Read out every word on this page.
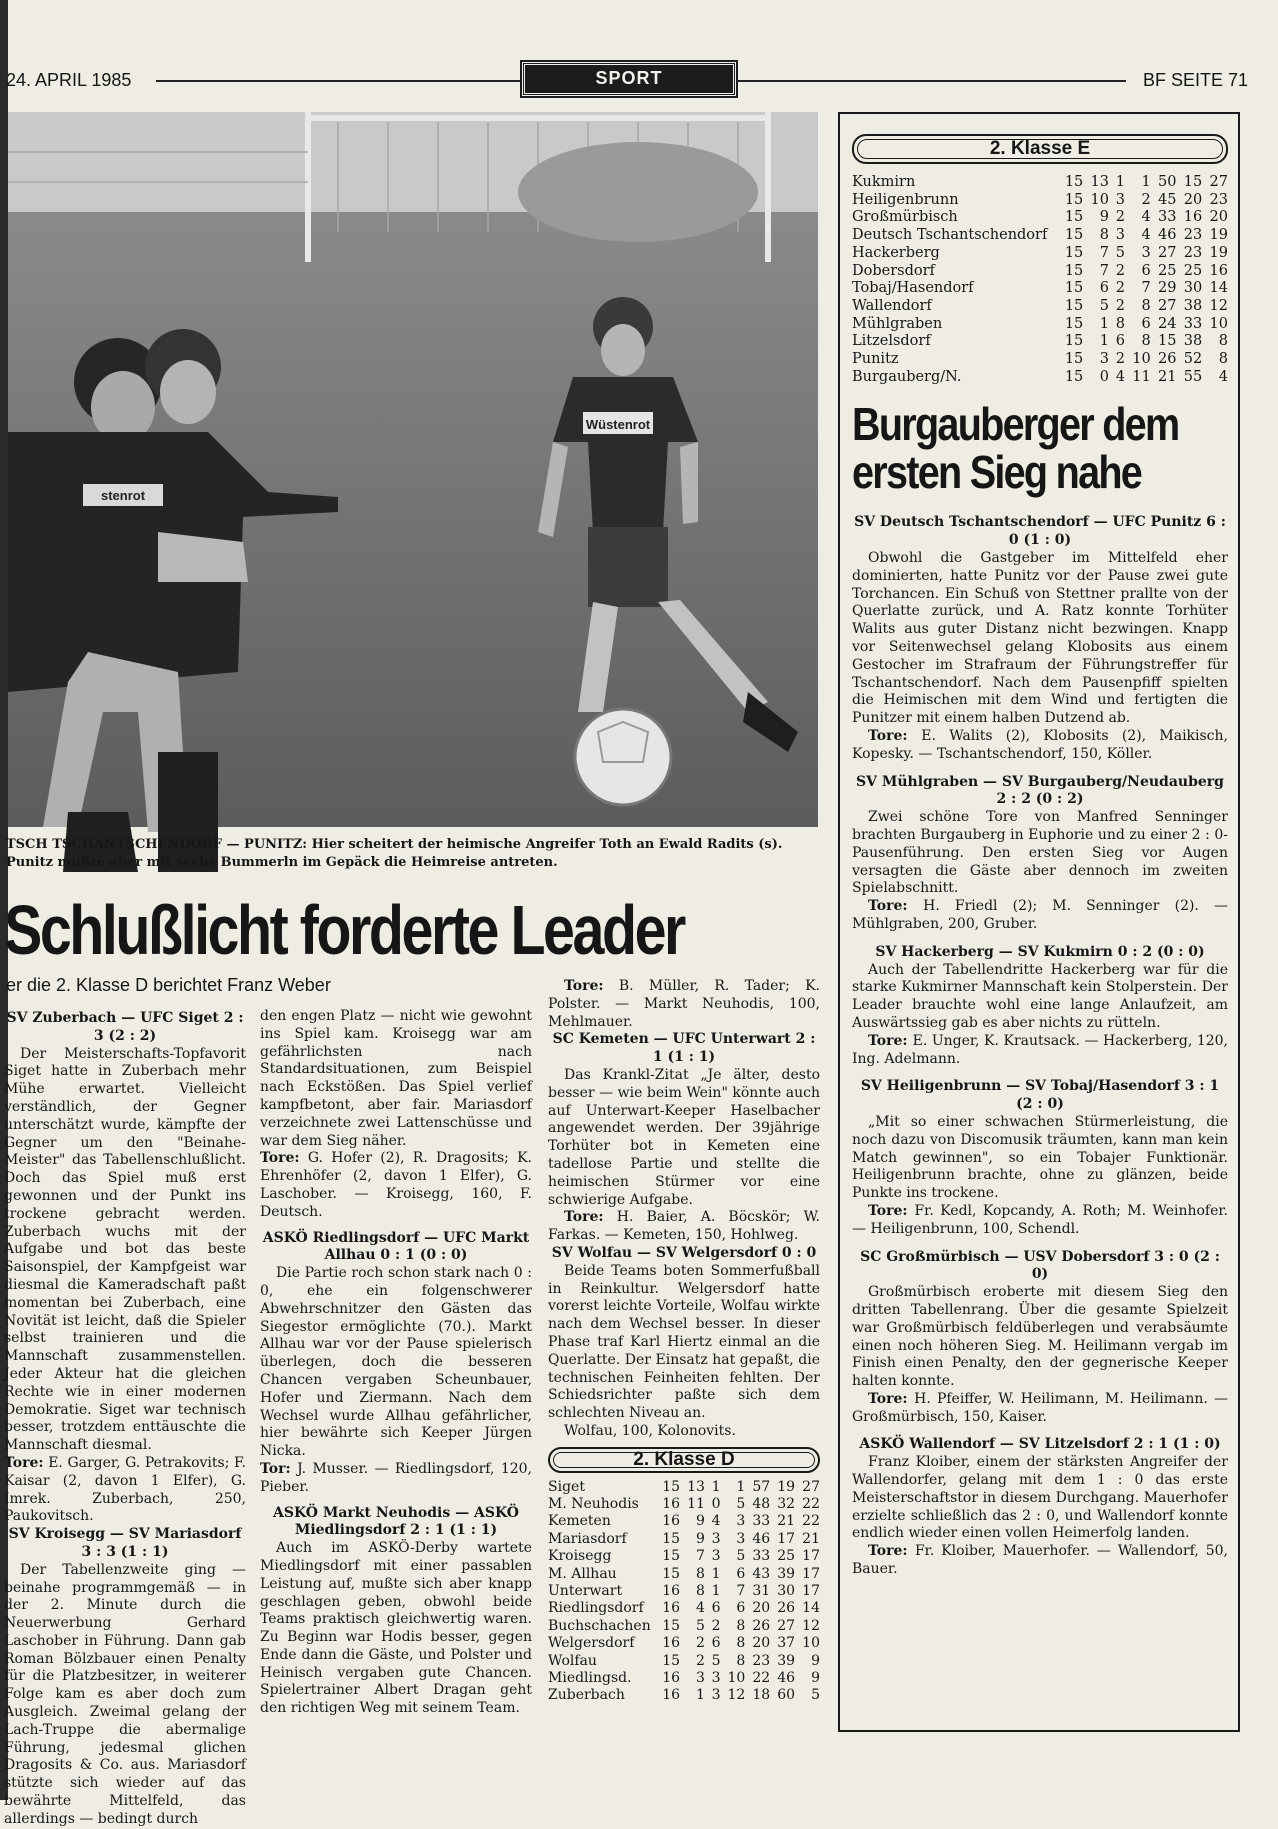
24. APRIL 1985	SPORT	BF SEITE 71
Wüstenrot
stenrot
TSCH TSCHANTSCHENDORF — PUNITZ: Hier scheitert der heimische Angreifer Toth an Ewald Radits (s). Punitz mußte aber mit sechs Bummerln im Gepäck die Heimreise antreten.
Schlußlicht forderte Leader
er die 2. Klasse D berichtet Franz Weber

SV Zuberbach — UFC Siget 2 : 3 (2 : 2)

Der Meisterschafts-Topfavorit Siget hatte in Zuberbach mehr Mühe erwartet. Vielleicht verständlich, der Gegner unterschätzt wurde, kämpfte der Gegner um den "Beinahe-Meister" das Tabellenschlußlicht. Doch das Spiel muß erst gewonnen und der Punkt ins trockene gebracht werden. Zuberbach wuchs mit der Aufgabe und bot das beste Saisonspiel, der Kampfgeist war diesmal die Kameradschaft paßt momentan bei Zuberbach, eine Novität ist leicht, daß die Spieler selbst trainieren und die Mannschaft zusammenstellen. Jeder Akteur hat die gleichen Rechte wie in einer modernen Demokratie. Siget war technisch besser, trotzdem enttäuschte die Mannschaft diesmal.

Tore: E. Garger, G. Petrakovits; F. Kaisar (2, davon 1 Elfer), G. Imrek. Zuberbach, 250, Paukovitsch.

SV Kroisegg — SV Mariasdorf 3 : 3 (1 : 1)

Der Tabellenzweite ging — beinahe programmgemäß — in der 2. Minute durch die Neuerwerbung Gerhard Laschober in Führung. Dann gab Roman Bölzbauer einen Penalty für die Platzbesitzer, in weiterer Folge kam es aber doch zum Ausgleich. Zweimal gelang der Lach-Truppe die abermalige Führung, jedesmal glichen Dragosits & Co. aus. Mariasdorf stützte sich wieder auf das bewährte Mittelfeld, das allerdings — bedingt durch

den engen Platz — nicht wie gewohnt ins Spiel kam. Kroisegg war am gefährlichsten nach Standardsituationen, zum Beispiel nach Eckstößen. Das Spiel verlief kampfbetont, aber fair. Mariasdorf verzeichnete zwei Lattenschüsse und war dem Sieg näher.

Tore: G. Hofer (2), R. Dragosits; K. Ehrenhöfer (2, davon 1 Elfer), G. Laschober. — Kroisegg, 160, F. Deutsch.

ASKÖ Riedlingsdorf — UFC Markt Allhau 0 : 1 (0 : 0)

Die Partie roch schon stark nach 0 : 0, ehe ein folgenschwerer Abwehrschnitzer den Gästen das Siegestor ermöglichte (70.). Markt Allhau war vor der Pause spielerisch überlegen, doch die besseren Chancen vergaben Scheunbauer, Hofer und Ziermann. Nach dem Wechsel wurde Allhau gefährlicher, hier bewährte sich Keeper Jürgen Nicka.

Tor: J. Musser. — Riedlingsdorf, 120, Pieber.

ASKÖ Markt Neuhodis — ASKÖ Miedlingsdorf 2 : 1 (1 : 1)

Auch im ASKÖ-Derby wartete Miedlingsdorf mit einer passablen Leistung auf, mußte sich aber knapp geschlagen geben, obwohl beide Teams praktisch gleichwertig waren. Zu Beginn war Hodis besser, gegen Ende dann die Gäste, und Polster und Heinisch vergaben gute Chancen. Spielertrainer Albert Dragan geht den richtigen Weg mit seinem Team.

Tore: B. Müller, R. Tader; K. Polster. — Markt Neuhodis, 100, Mehlmauer.

SC Kemeten — UFC Unterwart 2 : 1 (1 : 1)

Das Krankl-Zitat „Je älter, desto besser — wie beim Wein" könnte auch auf Unterwart-Keeper Haselbacher angewendet werden. Der 39jährige Torhüter bot in Kemeten eine tadellose Partie und stellte die heimischen Stürmer vor eine schwierige Aufgabe.

Tore: H. Baier, A. Böcskör; W. Farkas. — Kemeten, 150, Hohlweg.

SV Wolfau — SV Welgersdorf 0 : 0

Beide Teams boten Sommerfußball in Reinkultur. Welgersdorf hatte vorerst leichte Vorteile, Wolfau wirkte nach dem Wechsel besser. In dieser Phase traf Karl Hiertz einmal an die Querlatte. Der Einsatz hat gepaßt, die technischen Feinheiten fehlten. Der Schiedsrichter paßte sich dem schlechten Niveau an.

Wolfau, 100, Kolonovits.

2. Klasse D
Siget	15	13	1	1	57	19	27
M. Neuhodis	16	11	0	5	48	32	22
Kemeten	16	9	4	3	33	21	22
Mariasdorf	15	9	3	3	46	17	21
Kroisegg	15	7	3	5	33	25	17
M. Allhau	15	8	1	6	43	39	17
Unterwart	16	8	1	7	31	30	17
Riedlingsdorf	16	4	6	6	20	26	14
Buchschachen	15	5	2	8	26	27	12
Welgersdorf	16	2	6	8	20	37	10
Wolfau	15	2	5	8	23	39	9
Miedlingsd.	16	3	3	10	22	46	9
Zuberbach	16	1	3	12	18	60	5
2. Klasse E
Kukmirn	15	13	1	1	50	15	27
Heiligenbrunn	15	10	3	2	45	20	23
Großmürbisch	15	9	2	4	33	16	20
Deutsch Tschantschendorf	15	8	3	4	46	23	19
Hackerberg	15	7	5	3	27	23	19
Dobersdorf	15	7	2	6	25	25	16
Tobaj/Hasendorf	15	6	2	7	29	30	14
Wallendorf	15	5	2	8	27	38	12
Mühlgraben	15	1	8	6	24	33	10
Litzelsdorf	15	1	6	8	15	38	8
Punitz	15	3	2	10	26	52	8
Burgauberg/N.	15	0	4	11	21	55	4
Burgauberger dem ersten Sieg nahe

SV Deutsch Tschantschendorf — UFC Punitz 6 : 0 (1 : 0)

Obwohl die Gastgeber im Mittelfeld eher dominierten, hatte Punitz vor der Pause zwei gute Torchancen. Ein Schuß von Stettner prallte von der Querlatte zurück, und A. Ratz konnte Torhüter Walits aus guter Distanz nicht bezwingen. Knapp vor Seitenwechsel gelang Klobosits aus einem Gestocher im Strafraum der Führungstreffer für Tschantschendorf. Nach dem Pausenpfiff spielten die Heimischen mit dem Wind und fertigten die Punitzer mit einem halben Dutzend ab.

Tore: E. Walits (2), Klobosits (2), Maikisch, Kopesky. — Tschantschendorf, 150, Köller.

SV Mühlgraben — SV Burgauberg/Neudauberg 2 : 2 (0 : 2)

Zwei schöne Tore von Manfred Senninger brachten Burgauberg in Euphorie und zu einer 2 : 0-Pausenführung. Den ersten Sieg vor Augen versagten die Gäste aber dennoch im zweiten Spielabschnitt.

Tore: H. Friedl (2); M. Senninger (2). — Mühlgraben, 200, Gruber.

SV Hackerberg — SV Kukmirn 0 : 2 (0 : 0)

Auch der Tabellendritte Hackerberg war für die starke Kukmirner Mannschaft kein Stolperstein. Der Leader brauchte wohl eine lange Anlaufzeit, am Auswärtssieg gab es aber nichts zu rütteln.

Tore: E. Unger, K. Krautsack. — Hackerberg, 120, Ing. Adelmann.

SV Heiligenbrunn — SV Tobaj/Hasendorf 3 : 1 (2 : 0)

„Mit so einer schwachen Stürmerleistung, die noch dazu von Discomusik träumten, kann man kein Match gewinnen", so ein Tobajer Funktionär. Heiligenbrunn brachte, ohne zu glänzen, beide Punkte ins trockene.

Tore: Fr. Kedl, Kopcandy, A. Roth; M. Weinhofer. — Heiligenbrunn, 100, Schendl.

SC Großmürbisch — USV Dobersdorf 3 : 0 (2 : 0)

Großmürbisch eroberte mit diesem Sieg den dritten Tabellenrang. Über die gesamte Spielzeit war Großmürbisch feldüberlegen und verabsäumte einen noch höheren Sieg. M. Heilimann vergab im Finish einen Penalty, den der gegnerische Keeper halten konnte.

Tore: H. Pfeiffer, W. Heilimann, M. Heilimann. — Großmürbisch, 150, Kaiser.

ASKÖ Wallendorf — SV Litzelsdorf 2 : 1 (1 : 0)

Franz Kloiber, einem der stärksten Angreifer der Wallendorfer, gelang mit dem 1 : 0 das erste Meisterschaftstor in diesem Durchgang. Mauerhofer erzielte schließlich das 2 : 0, und Wallendorf konnte endlich wieder einen vollen Heimerfolg landen.

Tore: Fr. Kloiber, Mauerhofer. — Wallendorf, 50, Bauer.
